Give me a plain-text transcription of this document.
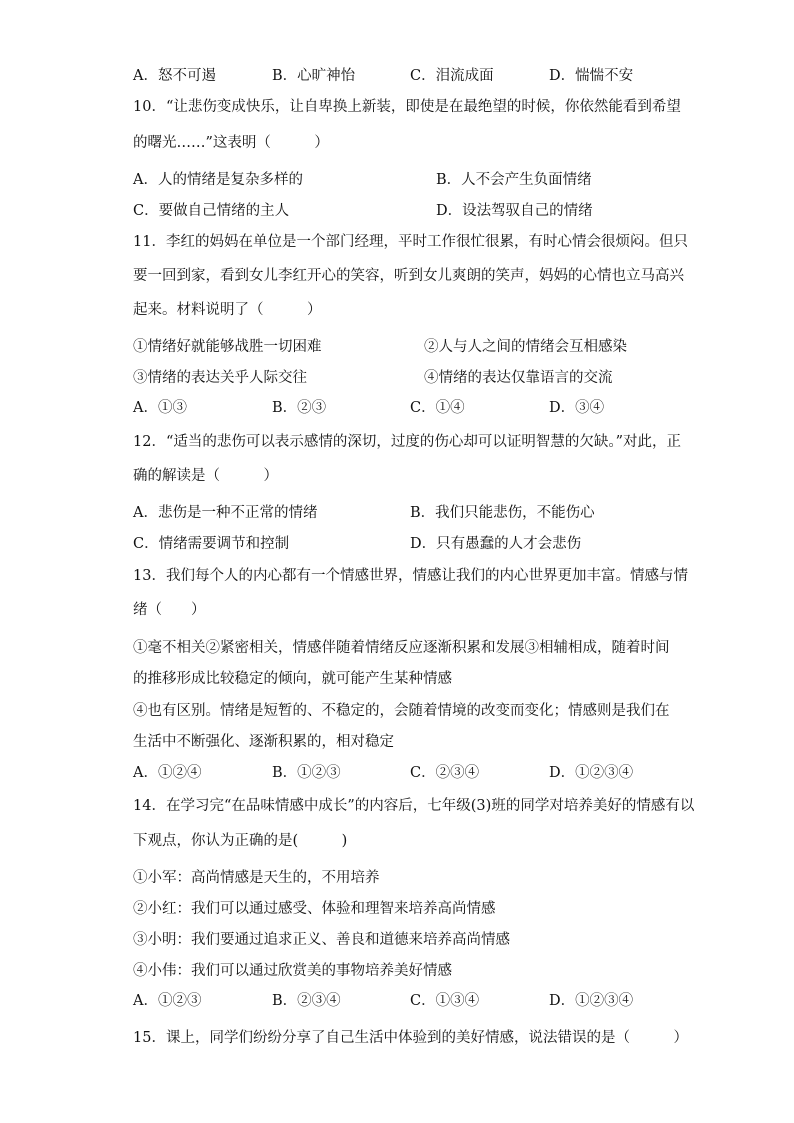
A．怒不可遏	B．心旷神怡	C．泪流成面	D．惴惴不安
10．“让悲伤变成快乐，让自卑换上新装，即使是在最绝望的时候，你依然能看到希望
的曙光……”这表明（　　　）
A．人的情绪是复杂多样的	B．人不会产生负面情绪
C．要做自己情绪的主人	D．设法驾驭自己的情绪
11．李红的妈妈在单位是一个部门经理，平时工作很忙很累，有时心情会很烦闷。但只
要一回到家，看到女儿李红开心的笑容，听到女儿爽朗的笑声，妈妈的心情也立马高兴
起来。材料说明了（　　　）
①情绪好就能够战胜一切困难	②人与人之间的情绪会互相感染
③情绪的表达关乎人际交往	④情绪的表达仅靠语言的交流
A．①③	B．②③	C．①④	D．③④
12．“适当的悲伤可以表示感情的深切，过度的伤心却可以证明智慧的欠缺。”对此，正
确的解读是（　　　）
A．悲伤是一种不正常的情绪	B．我们只能悲伤，不能伤心
C．情绪需要调节和控制	D．只有愚蠢的人才会悲伤
13．我们每个人的内心都有一个情感世界，情感让我们的内心世界更加丰富。情感与情
绪（　　）
①毫不相关②紧密相关，情感伴随着情绪反应逐渐积累和发展③相辅相成，随着时间
的推移形成比较稳定的倾向，就可能产生某种情感
④也有区别。情绪是短暂的、不稳定的，会随着情境的改变而变化；情感则是我们在
生活中不断强化、逐渐积累的，相对稳定
A．①②④	B．①②③	C．②③④	D．①②③④
14．在学习完“在品味情感中成长”的内容后，七年级(3)班的同学对培养美好的情感有以
下观点，你认为正确的是(　　　)
①小军：高尚情感是天生的，不用培养
②小红：我们可以通过感受、体验和理智来培养高尚情感
③小明：我们要通过追求正义、善良和道德来培养高尚情感
④小伟：我们可以通过欣赏美的事物培养美好情感
A．①②③	B．②③④	C．①③④	D．①②③④
15．课上，同学们纷纷分享了自己生活中体验到的美好情感，说法错误的是（　　　）
